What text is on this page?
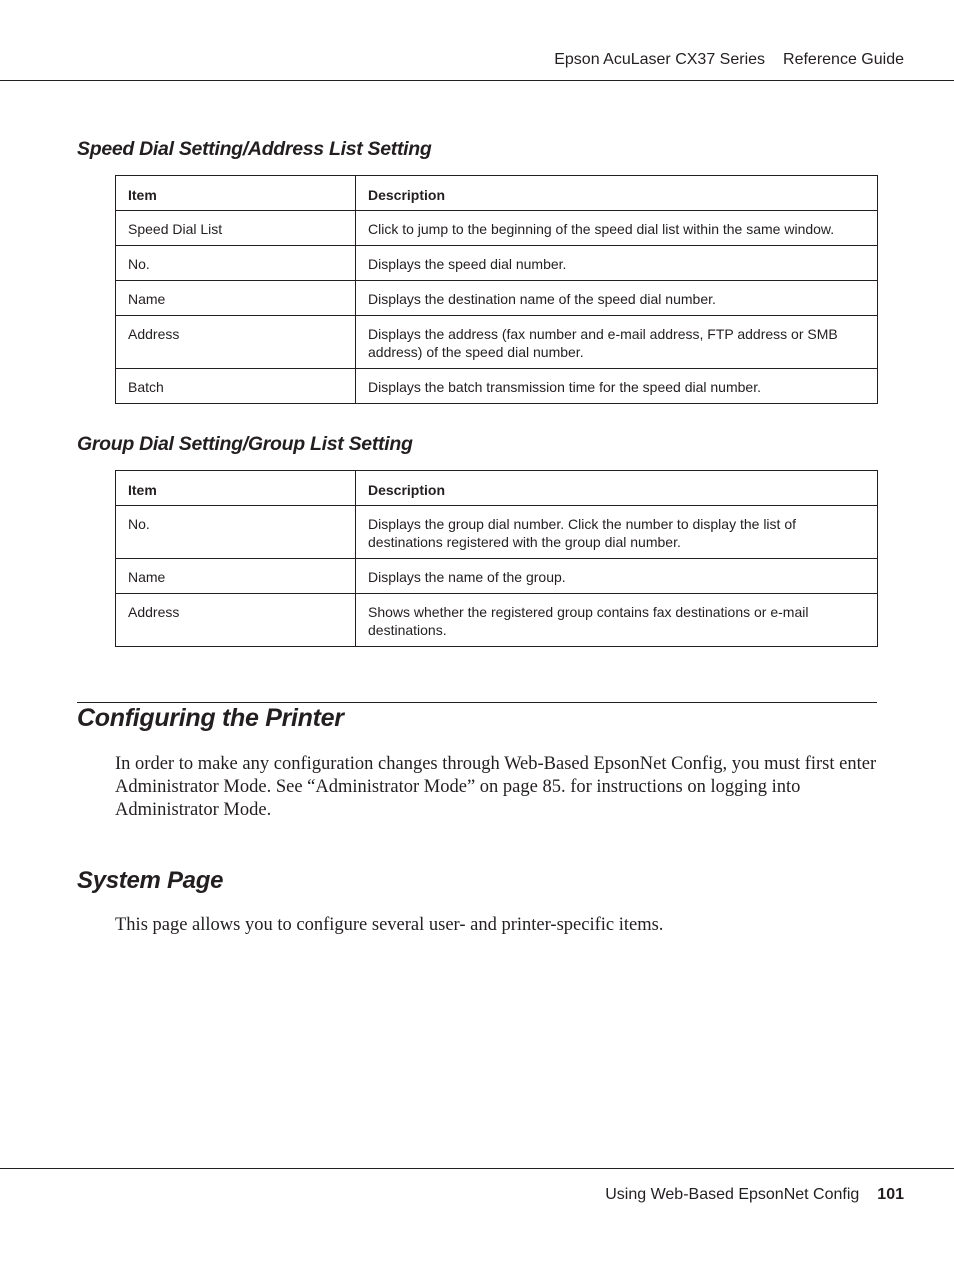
Epson AcuLaser CX37 Series Reference Guide
Speed Dial Setting/Address List Setting
Item	Description
Speed Dial List	Click to jump to the beginning of the speed dial list within the same window.
No.	Displays the speed dial number.
Name	Displays the destination name of the speed dial number.
Address	Displays the address (fax number and e-mail address, FTP address or SMB address) of the speed dial number.
Batch	Displays the batch transmission time for the speed dial number.
Group Dial Setting/Group List Setting
Item	Description
No.	Displays the group dial number. Click the number to display the list of destinations registered with the group dial number.
Name	Displays the name of the group.
Address	Shows whether the registered group contains fax destinations or e-mail destinations.
Configuring the Printer

In order to make any configuration changes through Web-Based EpsonNet Config, you must first enter Administrator Mode. See “Administrator Mode” on page 85. for instructions on logging into Administrator Mode.

System Page

This page allows you to configure several user- and printer-specific items.

Using Web-Based EpsonNet Config 101
